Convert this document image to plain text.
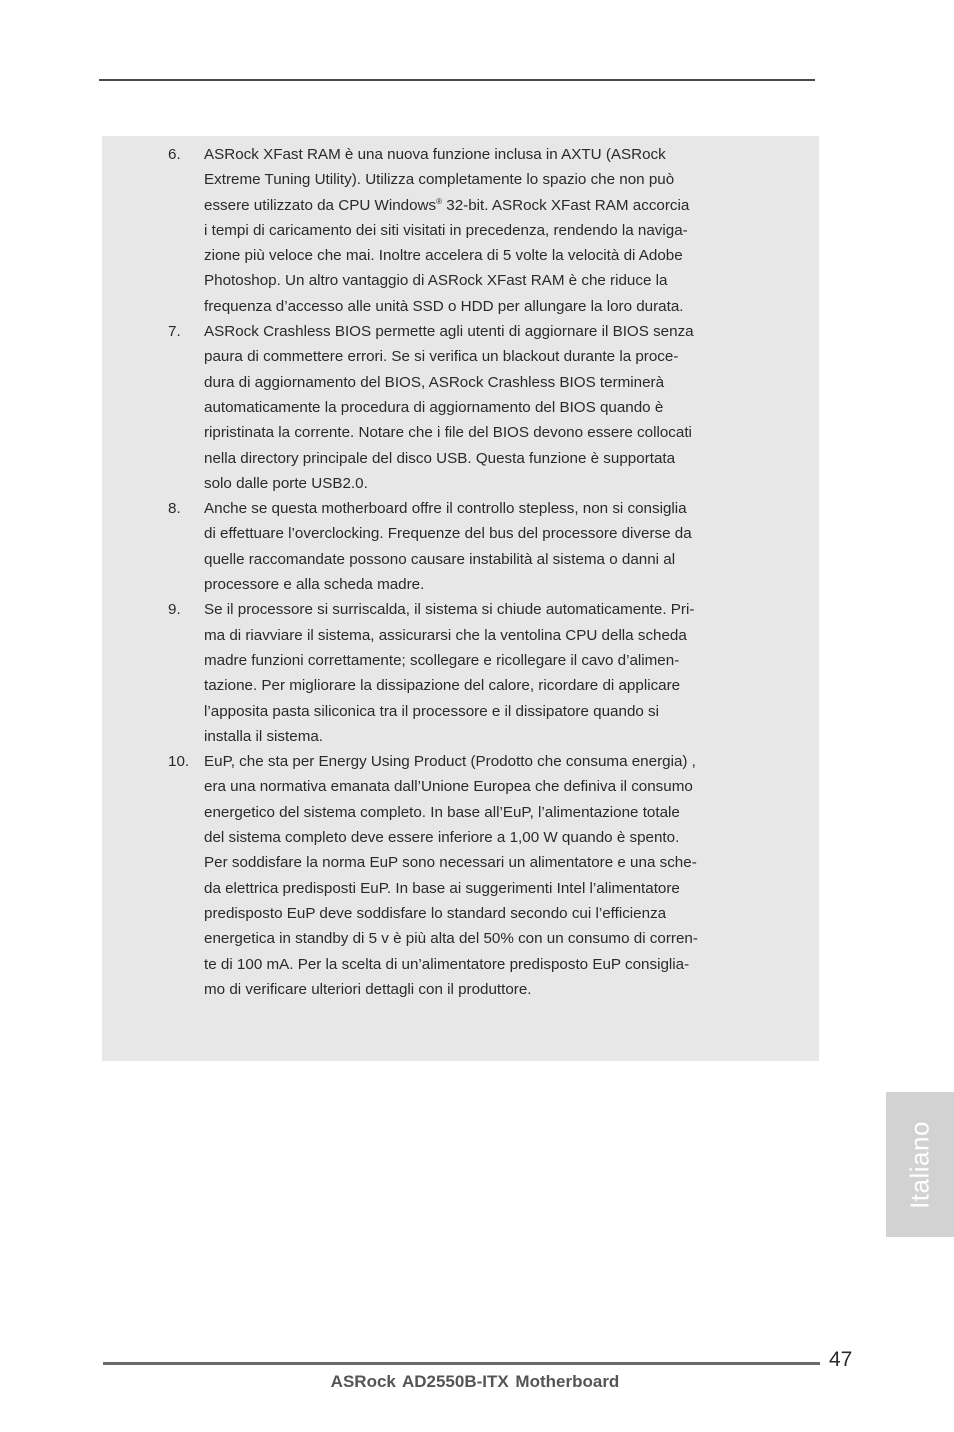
6. ASRock XFast RAM è una nuova funzione inclusa in AXTU (ASRock
Extreme Tuning Utility). Utilizza completamente lo spazio che non può
essere utilizzato da CPU Windows® 32-bit. ASRock XFast RAM accorcia
i tempi di caricamento dei siti visitati in precedenza, rendendo la naviga-
zione più veloce che mai. Inoltre accelera di 5 volte la velocità di Adobe
Photoshop. Un altro vantaggio di ASRock XFast RAM è che riduce la
frequenza d’accesso alle unità SSD o HDD per allungare la loro durata.
7. ASRock Crashless BIOS permette agli utenti di aggiornare il BIOS senza
paura di commettere errori. Se si verifica un blackout durante la proce-
dura di aggiornamento del BIOS, ASRock Crashless BIOS terminerà
automaticamente la procedura di aggiornamento del BIOS quando è
ripristinata la corrente. Notare che i file del BIOS devono essere collocati
nella directory principale del disco USB. Questa funzione è supportata
solo dalle porte USB2.0.
8. Anche se questa motherboard offre il controllo stepless, non si consiglia
di effettuare l’overclocking. Frequenze del bus del processore diverse da
quelle raccomandate possono causare instabilità al sistema o danni al
processore e alla scheda madre.
9. Se il processore si surriscalda, il sistema si chiude automaticamente. Pri-
ma di riavviare il sistema, assicurarsi che la ventolina CPU della scheda
madre funzioni correttamente; scollegare e ricollegare il cavo d’alimen-
tazione. Per migliorare la dissipazione del calore, ricordare di applicare
l’apposita pasta siliconica tra il processore e il dissipatore quando si
installa il sistema.
10. EuP, che sta per Energy Using Product (Prodotto che consuma energia) ,
era una normativa emanata dall’Unione Europea che definiva il consumo
energetico del sistema completo. In base all’EuP, l’alimentazione totale
del sistema completo deve essere inferiore a 1,00 W quando è spento.
Per soddisfare la norma EuP sono necessari un alimentatore e una sche-
da elettrica predisposti EuP. In base ai suggerimenti Intel l’alimentatore
predisposto EuP deve soddisfare lo standard secondo cui l’efficienza
energetica in standby di 5 v è più alta del 50% con un consumo di corren-
te di 100 mA. Per la scelta di un’alimentatore predisposto EuP consiglia-
mo di verificare ulteriori dettagli con il produttore.
Italiano
47
ASRock AD2550B-ITX Motherboard
